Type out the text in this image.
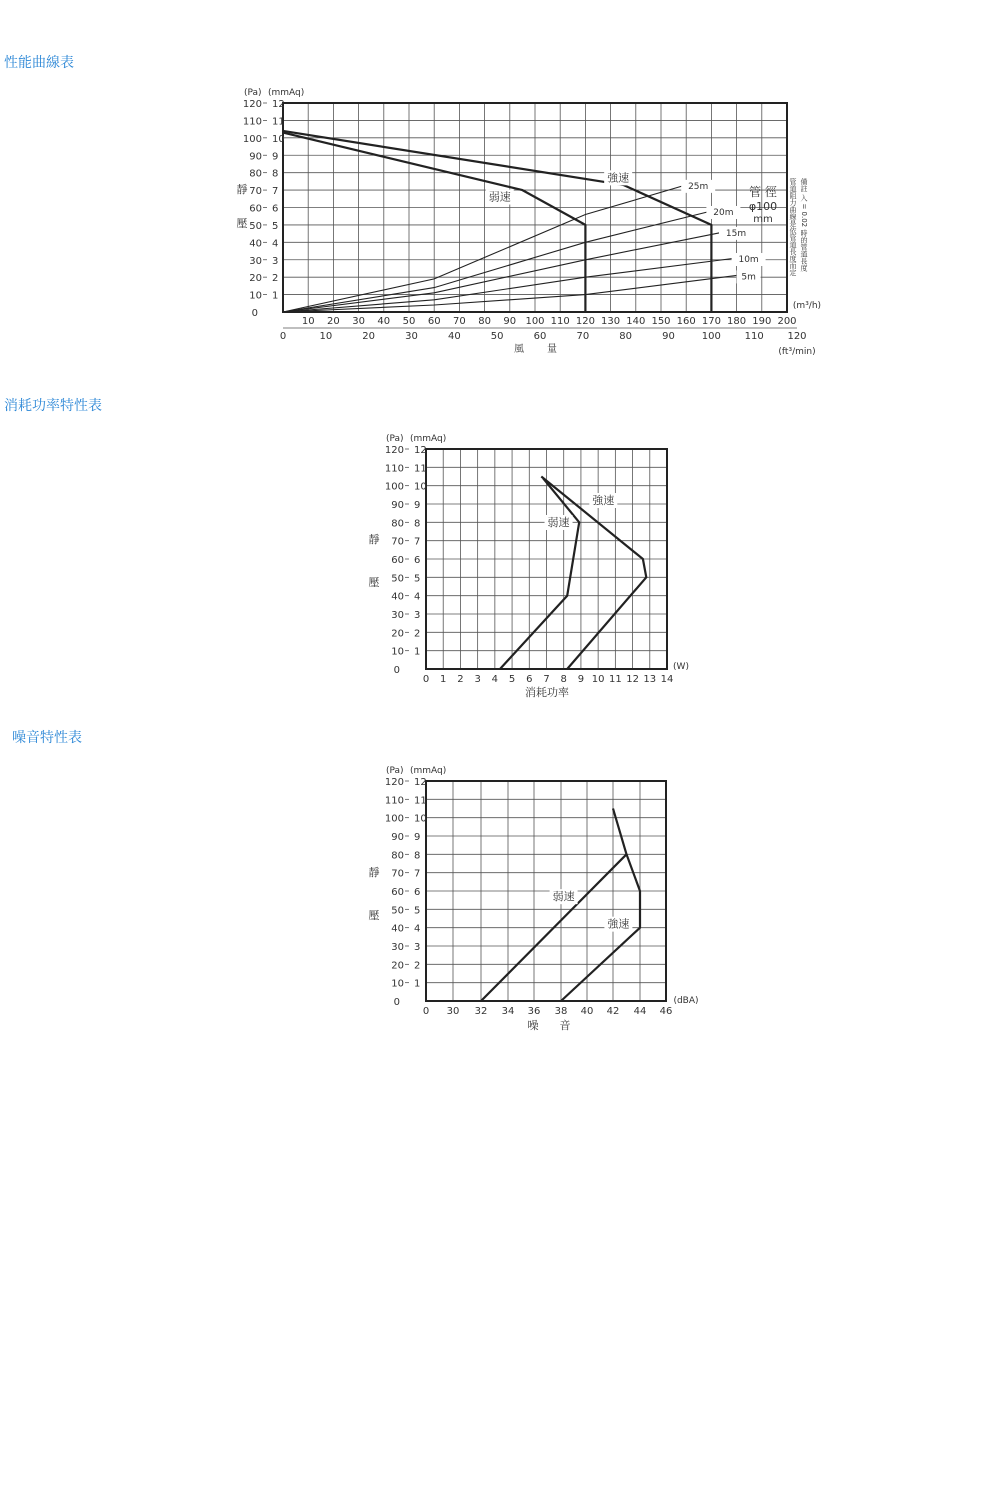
性能曲線表
消耗功率特性表
噪音特性表
10
20
30
40
50
60
70
80
90
100
110
120
0
1
2
3
4
5
6
7
8
9
10
11
12
(Pa) (mmAq)
靜
壓
10 20 30 40 50 60 70 80 90 100 110 120 130 140 150 160 170 180 190 200
(m³/h)
0	10	20	30	40	50	60	70	80	90	100 110 120
(ft³/min)
風 量
25m
20m
15m
10m
5m
強速
弱速	管 徑
φ100
mm	備註 入 = 0.02 時的管道長度
管道阻力曲線是依管道長度而定
10
20
30
40
50
60
70
80
90
100
110
120
0
1
2
3
4
5
6
7
8
9
10
11
12
(Pa) (mmAq)
靜
壓
0 1 2 3 4 5 6 7 8 9 10 11 12 13 14
(W)
消耗功率
強速
弱速
10
20
30
40
50
60
70
80
90
100
110
120
0
1
2
3
4
5
6
7
8
9
10
11
12
(Pa) (mmAq)
靜
壓
0 30 32 34 36 38 40 42 44 46
(dBA)
噪 音
弱速
強速
